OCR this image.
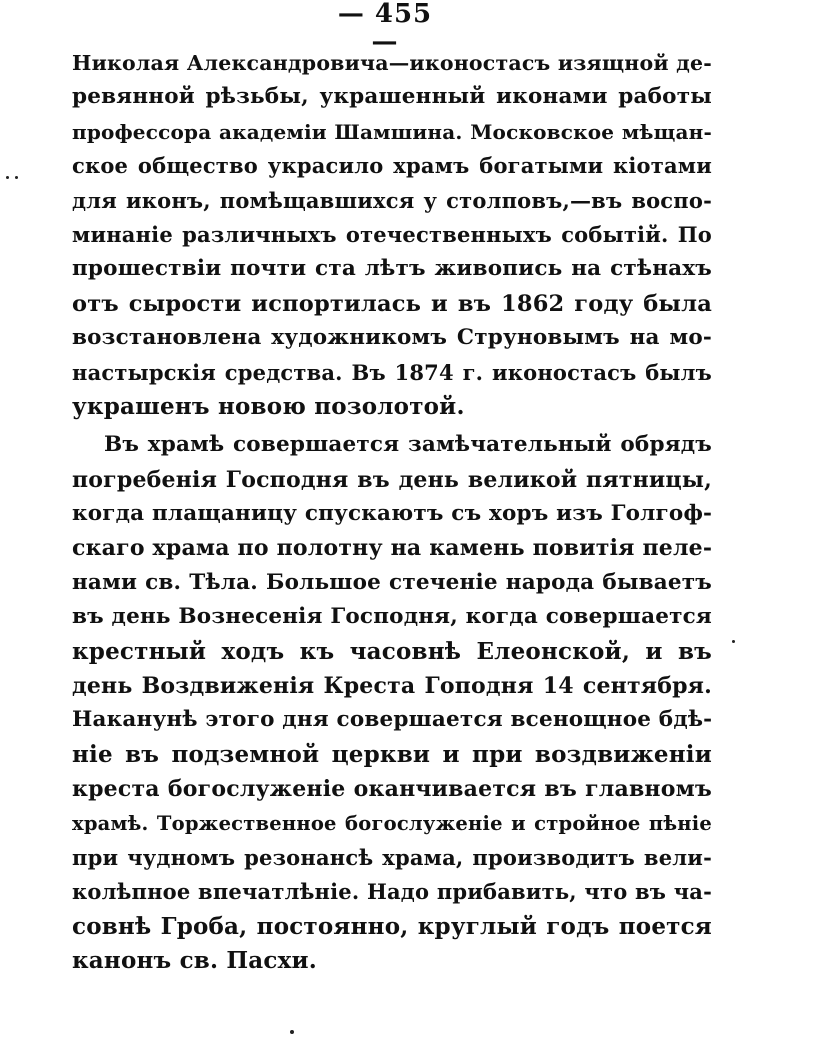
— 455 —
Николая Александровича—иконостасъ изящной де-
ревянной рѣзьбы, украшенный иконами работы
профессора академіи Шамшина. Московское мѣщан-
ское общество украсило храмъ богатыми кіотами
для иконъ, помѣщавшихся у столповъ,—въ воспо-
минаніе различныхъ отечественныхъ событій. По
прошествіи почти ста лѣтъ живопись на стѣнахъ
отъ сырости испортилась и въ 1862 году была
возстановлена художникомъ Струновымъ на мо-
настырскія средства. Въ 1874 г. иконостасъ былъ
украшенъ новою позолотой.
Въ храмѣ совершается замѣчательный обрядъ
погребенія Господня въ день великой пятницы,
когда плащаницу спускаютъ съ хоръ изъ Голгоф-
скаго храма по полотну на камень повитія пеле-
нами св. Тѣла. Большое стеченіе народа бываетъ
въ день Вознесенія Господня, когда совершается
крестный ходъ къ часовнѣ Елеонской, и въ
день Воздвиженія Креста Гоподня 14 сентября.
Наканунѣ этого дня совершается всенощное бдѣ-
ніе въ подземной церкви и при воздвиженіи
креста богослуженіе оканчивается въ главномъ
храмѣ. Торжественное богослуженіе и стройное пѣніе
при чудномъ резонансѣ храма, производитъ вели-
колѣпное впечатлѣніе. Надо прибавить, что въ ча-
совнѣ Гроба, постоянно, круглый годъ поется
канонъ св. Пасхи.
